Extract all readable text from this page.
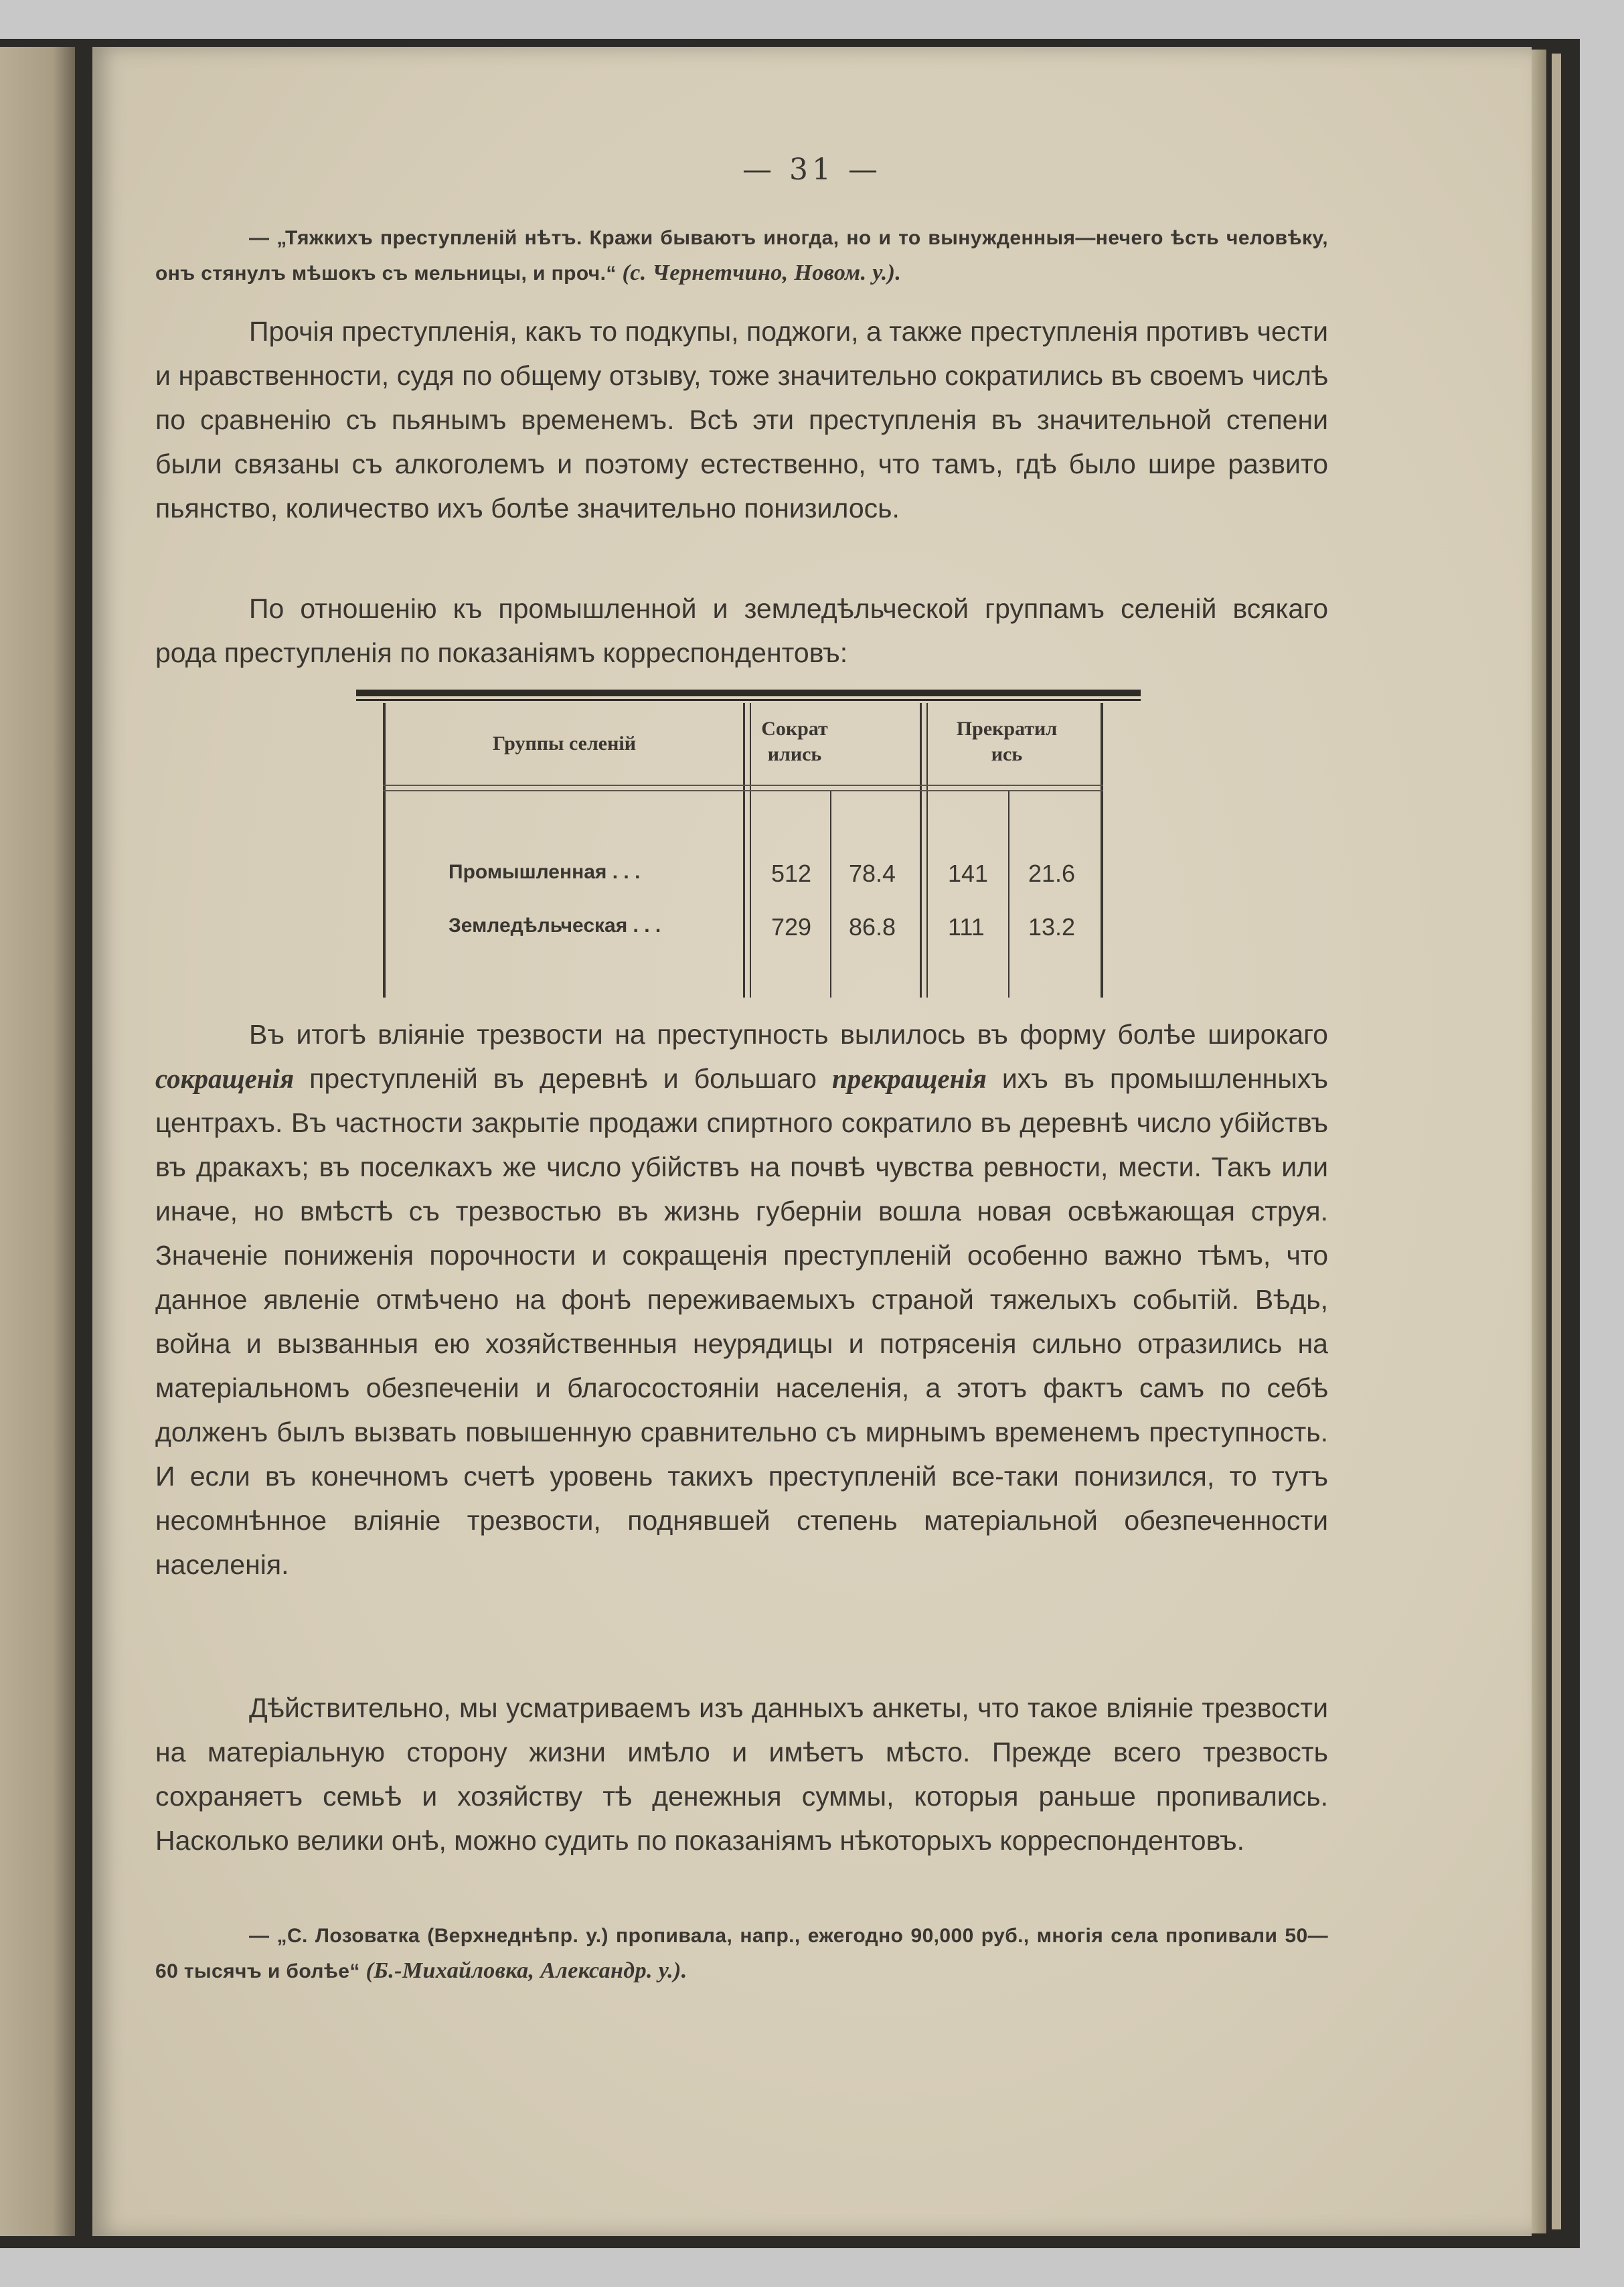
— 31 —
— „Тяжкихъ преступленій нѣтъ. Кражи бываютъ иногда, но и то вынужденныя—нечего ѣсть человѣку, онъ стянулъ мѣшокъ съ мельницы, и проч.“ (с. Чернетчино, Новом. у.).

Прочія преступленія, какъ то подкупы, поджоги, а также преступленія противъ чести и нравственности, судя по общему отзыву, тоже значительно сократились въ своемъ числѣ по сравненію съ пьянымъ временемъ. Всѣ эти преступленія въ значительной степени были связаны съ алкоголемъ и поэтому естественно, что тамъ, гдѣ было шире развито пьянство, количество ихъ болѣе значительно понизилось.

По отношенію къ промышленной и земледѣльческой группамъ селеній всякаго рода преступленія по показаніямъ корреспондентовъ:

Группы селеній
Сократились
Прекратились
Промышленная . . .	512 78.4 141 21.6
Земледѣльческая . . .	729 86.8 111 13.2

Въ итогѣ вліяніе трезвости на преступность вылилось въ форму болѣе широкаго сокращенія преступленій въ деревнѣ и большаго прекращенія ихъ въ промышленныхъ центрахъ. Въ частности закрытіе продажи спиртного сократило въ деревнѣ число убійствъ въ дракахъ; въ поселкахъ же число убійствъ на почвѣ чувства ревности, мести. Такъ или иначе, но вмѣстѣ съ трезвостью въ жизнь губерніи вошла новая освѣжающая струя. Значеніе пониженія порочности и сокращенія преступленій особенно важно тѣмъ, что данное явленіе отмѣчено на фонѣ переживаемыхъ страной тяжелыхъ событій. Вѣдь, война и вызванныя ею хозяйственныя неурядицы и потрясенія сильно отразились на матеріальномъ обезпеченіи и благосостояніи населенія, а этотъ фактъ самъ по себѣ долженъ былъ вызвать повышенную сравнительно съ мирнымъ временемъ преступность. И если въ конечномъ счетѣ уровень такихъ преступленій все-таки понизился, то тутъ несомнѣнное вліяніе трезвости, поднявшей степень матеріальной обезпеченности населенія.

Дѣйствительно, мы усматриваемъ изъ данныхъ анкеты, что такое вліяніе трезвости на матеріальную сторону жизни имѣло и имѣетъ мѣсто. Прежде всего трезвость сохраняетъ семьѣ и хозяйству тѣ денежныя суммы, которыя раньше пропивались. Насколько велики онѣ, можно судить по показаніямъ нѣкоторыхъ корреспондентовъ.

— „С. Лозоватка (Верхнеднѣпр. у.) пропивала, напр., ежегодно 90,000 руб., многія села пропивали 50—60 тысячъ и болѣе“ (Б.-Михайловка, Александр. у.).
